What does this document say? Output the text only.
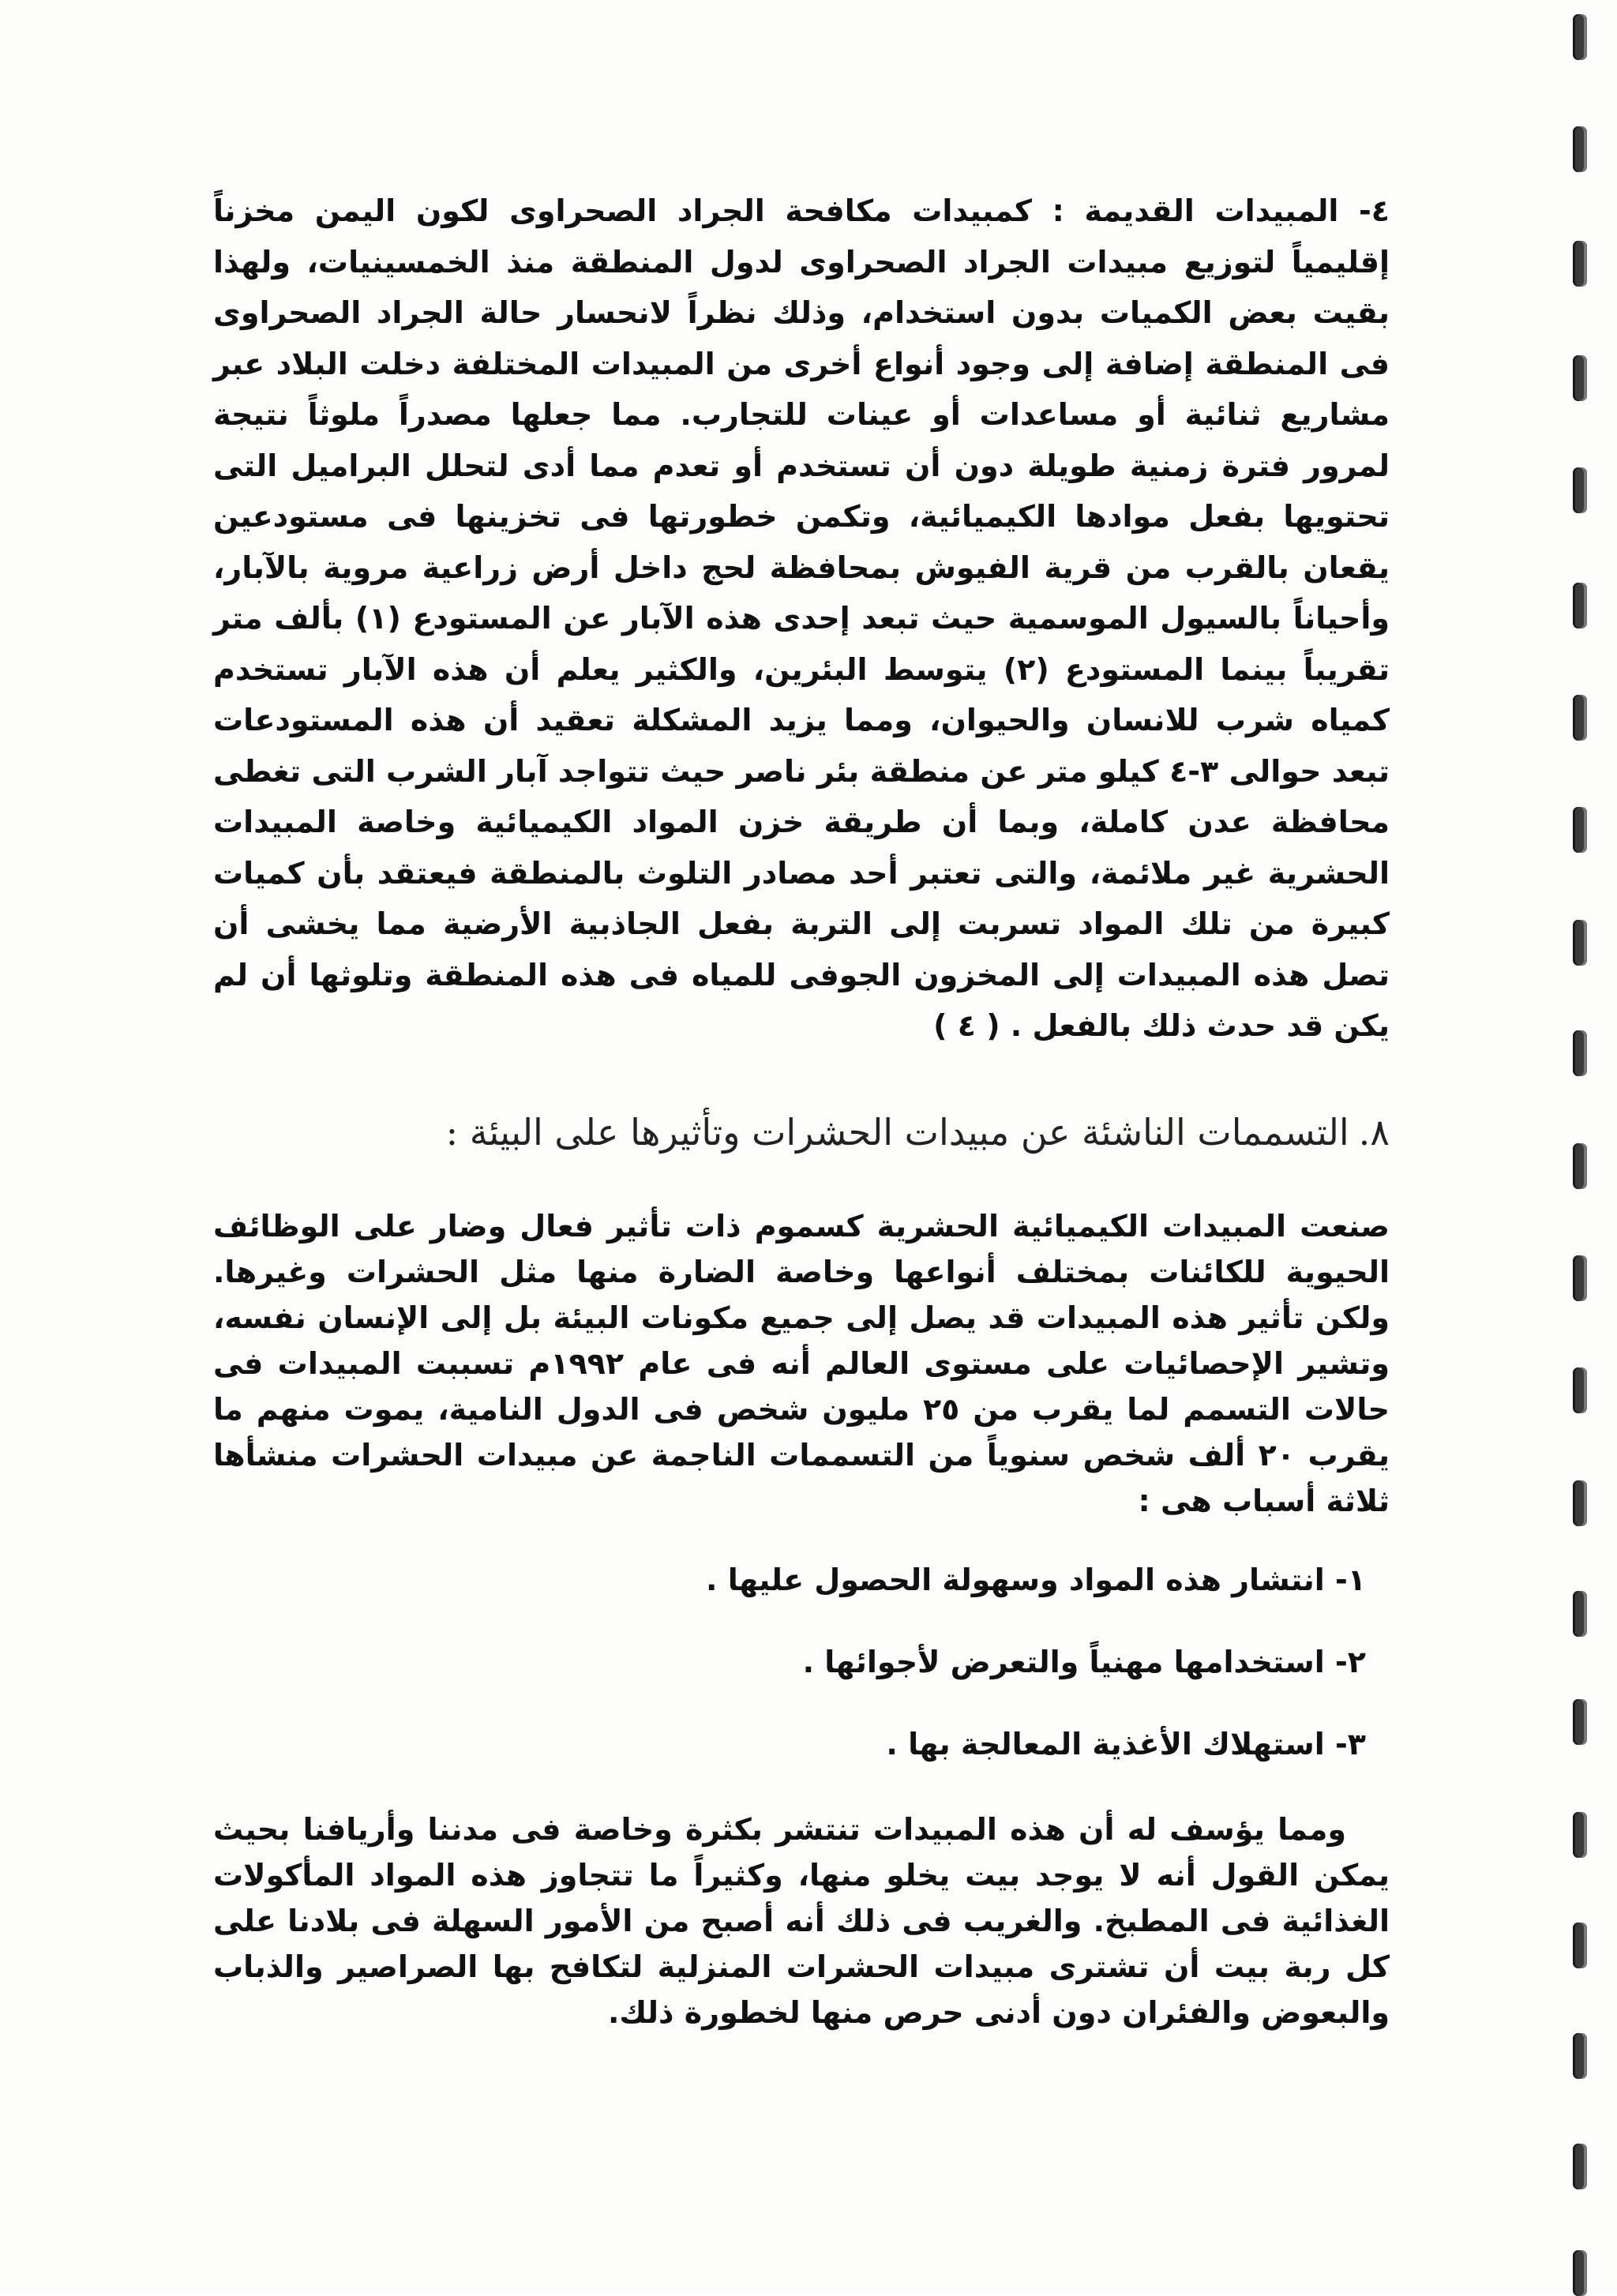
٤- المبيدات القديمة : كمبيدات مكافحة الجراد الصحراوى لكون اليمن مخزناً إقليمياً لتوزيع مبيدات الجراد الصحراوى لدول المنطقة منذ الخمسينيات، ولهذا بقيت بعض الكميات بدون استخدام، وذلك نظراً لانحسار حالة الجراد الصحراوى فى المنطقة إضافة إلى وجود أنواع أخرى من المبيدات المختلفة دخلت البلاد عبر مشاريع ثنائية أو مساعدات أو عينات للتجارب. مما جعلها مصدراً ملوثاً نتيجة لمرور فترة زمنية طويلة دون أن تستخدم أو تعدم مما أدى لتحلل البراميل التى تحتويها بفعل موادها الكيميائية، وتكمن خطورتها فى تخزينها فى مستودعين يقعان بالقرب من قرية الفيوش بمحافظة لحج داخل أرض زراعية مروية بالآبار، وأحياناً بالسيول الموسمية حيث تبعد إحدى هذه الآبار عن المستودع (١) بألف متر تقريباً بينما المستودع (٢) يتوسط البئرين، والكثير يعلم أن هذه الآبار تستخدم كمياه شرب للانسان والحيوان، ومما يزيد المشكلة تعقيد أن هذه المستودعات تبعد حوالى ٣-٤ كيلو متر عن منطقة بئر ناصر حيث تتواجد آبار الشرب التى تغطى محافظة عدن كاملة، وبما أن طريقة خزن المواد الكيميائية وخاصة المبيدات الحشرية غير ملائمة، والتى تعتبر أحد مصادر التلوث بالمنطقة فيعتقد بأن كميات كبيرة من تلك المواد تسربت إلى التربة بفعل الجاذبية الأرضية مما يخشى أن تصل هذه المبيدات إلى المخزون الجوفى للمياه فى هذه المنطقة وتلوثها أن لم يكن قد حدث ذلك بالفعل . ( ٤ )

٨.التسممات الناشئة عن مبيدات الحشرات وتأثيرها على البيئة :

صنعت المبيدات الكيميائية الحشرية كسموم ذات تأثير فعال وضار على الوظائف الحيوية للكائنات بمختلف أنواعها وخاصة الضارة منها مثل الحشرات وغيرها. ولكن تأثير هذه المبيدات قد يصل إلى جميع مكونات البيئة بل إلى الإنسان نفسه، وتشير الإحصائيات على مستوى العالم أنه فى عام ١٩٩٢م تسببت المبيدات فى حالات التسمم لما يقرب من ٢٥ مليون شخص فى الدول النامية، يموت منهم ما يقرب ٢٠ ألف شخص سنوياً من التسممات الناجمة عن مبيدات الحشرات منشأها ثلاثة أسباب هى :

١- انتشار هذه المواد وسهولة الحصول عليها .
٢- استخدامها مهنياً والتعرض لأجوائها .
٣- استهلاك الأغذية المعالجة بها .

ومما يؤسف له أن هذه المبيدات تنتشر بكثرة وخاصة فى مدننا وأريافنا بحيث يمكن القول أنه لا يوجد بيت يخلو منها، وكثيراً ما تتجاوز هذه المواد المأكولات الغذائية فى المطبخ. والغريب فى ذلك أنه أصبح من الأمور السهلة فى بلادنا على كل ربة بيت أن تشترى مبيدات الحشرات المنزلية لتكافح بها الصراصير والذباب والبعوض والفئران دون أدنى حرص منها لخطورة ذلك.
